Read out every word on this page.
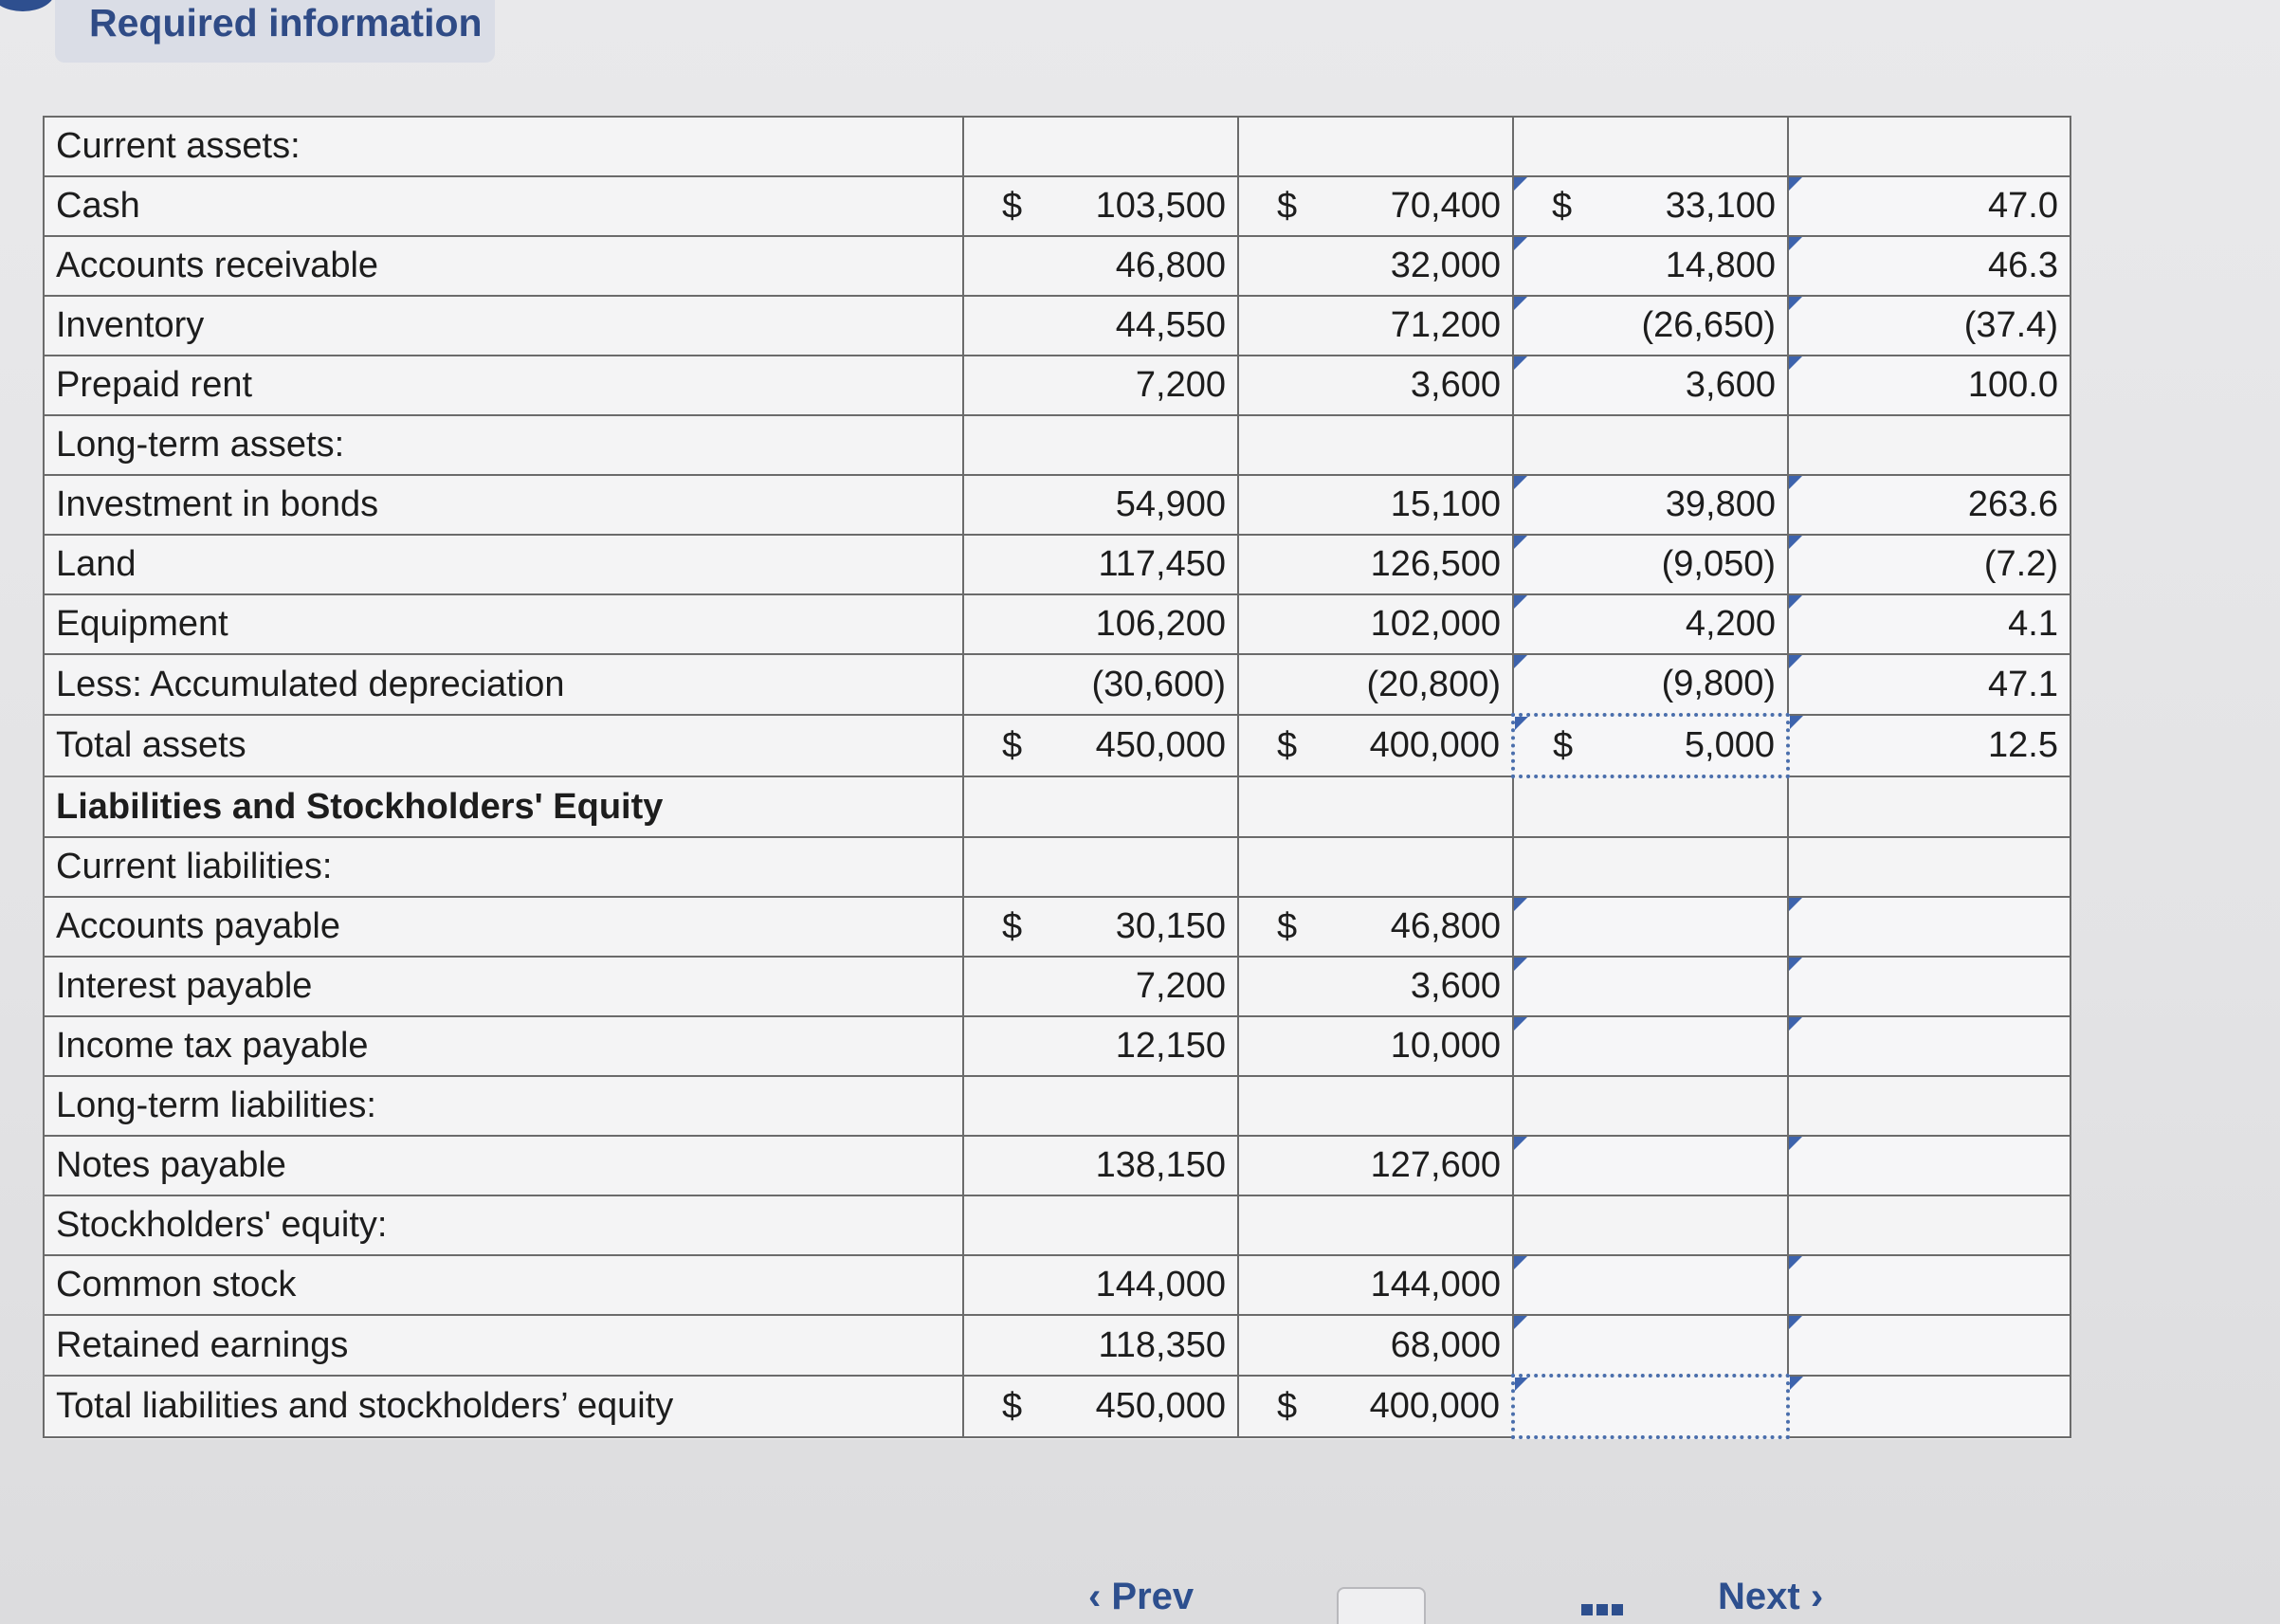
Required information
Current assets:				
Cash	$ 103,500	$ 70,400	$ 33,100	47.0
Accounts receivable	46,800	32,000	14,800	46.3
Inventory	44,550	71,200	(26,650)	(37.4)
Prepaid rent	7,200	3,600	3,600	100.0
Long-term assets:				
Investment in bonds	54,900	15,100	39,800	263.6
Land	117,450	126,500	(9,050)	(7.2)
Equipment	106,200	102,000	4,200	4.1
Less: Accumulated depreciation	(30,600)	(20,800)	(9,800)	47.1
Total assets	$ 450,000	$ 400,000	$ 5,000	12.5
Liabilities and Stockholders' Equity				
Current liabilities:				
Accounts payable	$ 30,150	$ 46,800	

Interest payable	7,200	3,600	

Income tax payable	12,150	10,000	

Long-term liabilities:				
Notes payable	138,150	127,600	

Stockholders' equity:				
Common stock	144,000	144,000	

Retained earnings	118,350	68,000	

Total liabilities and stockholders’ equity	$ 450,000	$ 400,000	

‹ Prev	Next ›
